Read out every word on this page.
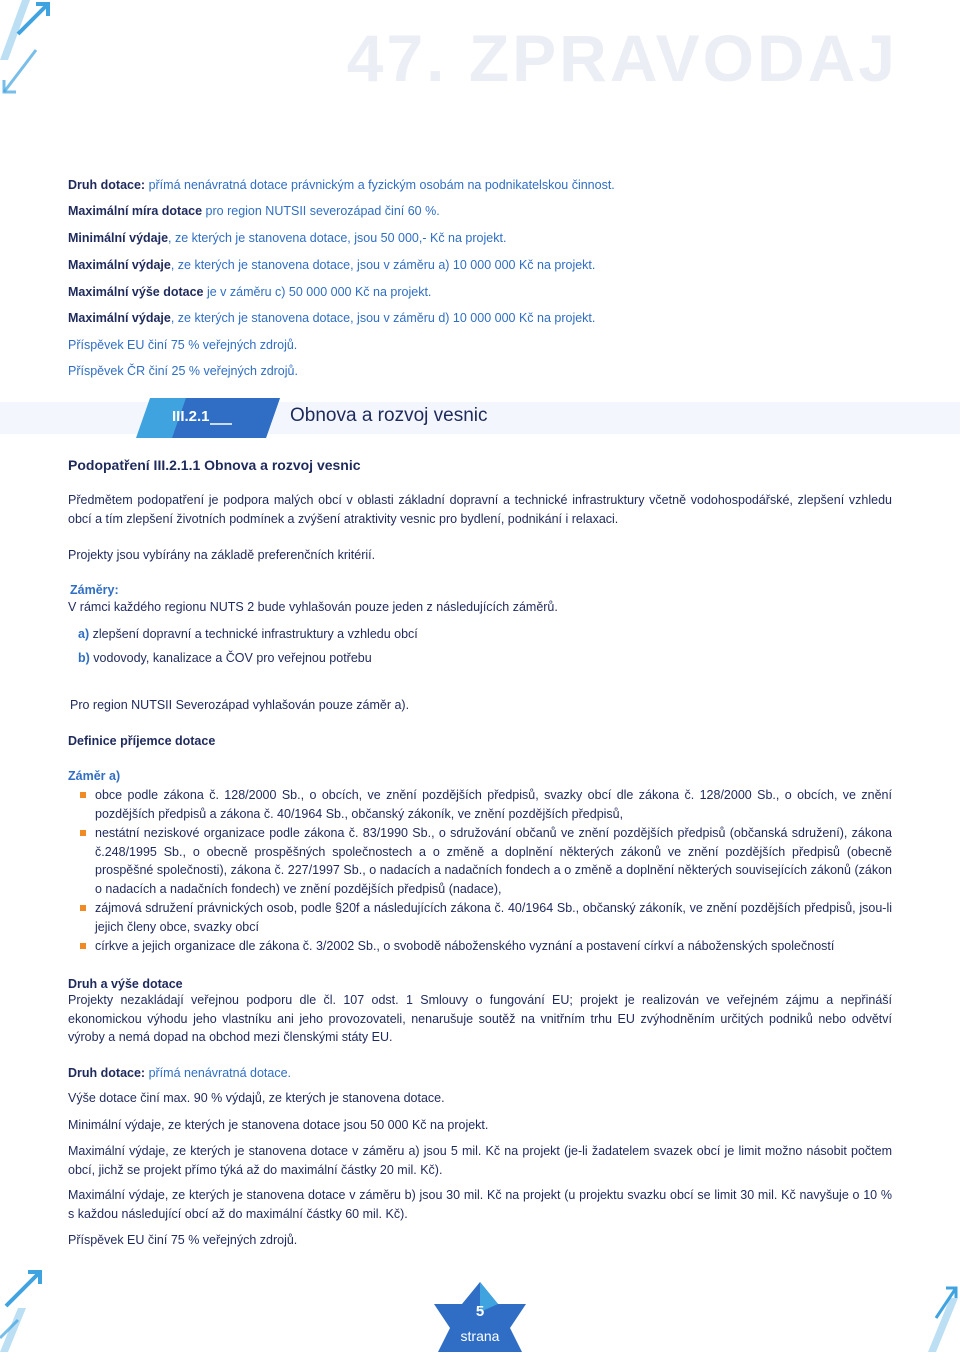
47. ZPRAVODAJ
Druh dotace: přímá nenávratná dotace právnickým a fyzickým osobám na podnikatelskou činnost.
Maximální míra dotace pro region NUTSII severozápad činí 60 %.
Minimální výdaje, ze kterých je stanovena dotace, jsou 50 000,- Kč na projekt.
Maximální výdaje, ze kterých je stanovena dotace, jsou v záměru a) 10 000 000 Kč na projekt.
Maximální výše dotace je v záměru c) 50 000 000 Kč na projekt.
Maximální výdaje, ze kterých je stanovena dotace, jsou v záměru d) 10 000 000 Kč na projekt.
Příspěvek EU činí 75 % veřejných zdrojů.
Příspěvek ČR činí 25 % veřejných zdrojů.
III.2.1	Obnova a rozvoj vesnic
Podopatření III.2.1.1 Obnova a rozvoj vesnic
Předmětem podopatření je podpora malých obcí v oblasti základní dopravní a technické infrastruktury včetně vodohospodářské, zlepšení vzhledu obcí a tím zlepšení životních podmínek a zvýšení atraktivity vesnic pro bydlení, podnikání i relaxaci.
Projekty jsou vybírány na základě preferenčních kritérií.
Záměry:
V rámci každého regionu NUTS 2 bude vyhlašován pouze jeden z následujících záměrů.
a) zlepšení dopravní a technické infrastruktury a vzhledu obcí
b) vodovody, kanalizace a ČOV pro veřejnou potřebu
Pro region NUTSII Severozápad vyhlašován pouze záměr a).
Definice příjemce dotace
Záměr a)
obce podle zákona č. 128/2000 Sb., o obcích, ve znění pozdějších předpisů, svazky obcí dle zákona č. 128/2000 Sb., o obcích, ve znění pozdějších předpisů a zákona č. 40/1964 Sb., občanský zákoník, ve znění pozdějších předpisů,
nestátní neziskové organizace podle zákona č. 83/1990 Sb., o sdružování občanů ve znění pozdějších předpisů (občanská sdružení), zákona č.248/1995 Sb., o obecně prospěšných společnostech a o změně a doplnění některých zákonů ve znění pozdějších předpisů (obecně prospěšné společnosti), zákona č. 227/1997 Sb., o nadacích a nadačních fondech a o změně a doplnění některých souvisejících zákonů (zákon o nadacích a nadačních fondech) ve znění pozdějších předpisů (nadace),
zájmová sdružení právnických osob, podle §20f a následujících zákona č. 40/1964 Sb., občanský zákoník, ve znění pozdějších předpisů, jsou-li jejich členy obce, svazky obcí
církve a jejich organizace dle zákona č. 3/2002 Sb., o svobodě náboženského vyznání a postavení církví a náboženských společností
Druh a výše dotace
Projekty nezakládají veřejnou podporu dle čl. 107 odst. 1 Smlouvy o fungování EU; projekt je realizován ve veřejném zájmu a nepřináší ekonomickou výhodu jeho vlastníku ani jeho provozovateli, nenarušuje soutěž na vnitřním trhu EU zvýhodněním určitých podniků nebo odvětví výroby a nemá dopad na obchod mezi členskými státy EU.
Druh dotace: přímá nenávratná dotace.
Výše dotace činí max. 90 % výdajů, ze kterých je stanovena dotace.
Minimální výdaje, ze kterých je stanovena dotace jsou 50 000 Kč na projekt.
Maximální výdaje, ze kterých je stanovena dotace v záměru a) jsou 5 mil. Kč na projekt (je-li žadatelem svazek obcí je limit možno násobit počtem obcí, jichž se projekt přímo týká až do maximální částky 20 mil. Kč).
Maximální výdaje, ze kterých je stanovena dotace v záměru b) jsou 30 mil. Kč na projekt (u projektu svazku obcí se limit 30 mil. Kč navyšuje o 10 % s každou následující obcí až do maximální částky 60 mil. Kč).
Příspěvek EU činí 75 % veřejných zdrojů.
5
strana
